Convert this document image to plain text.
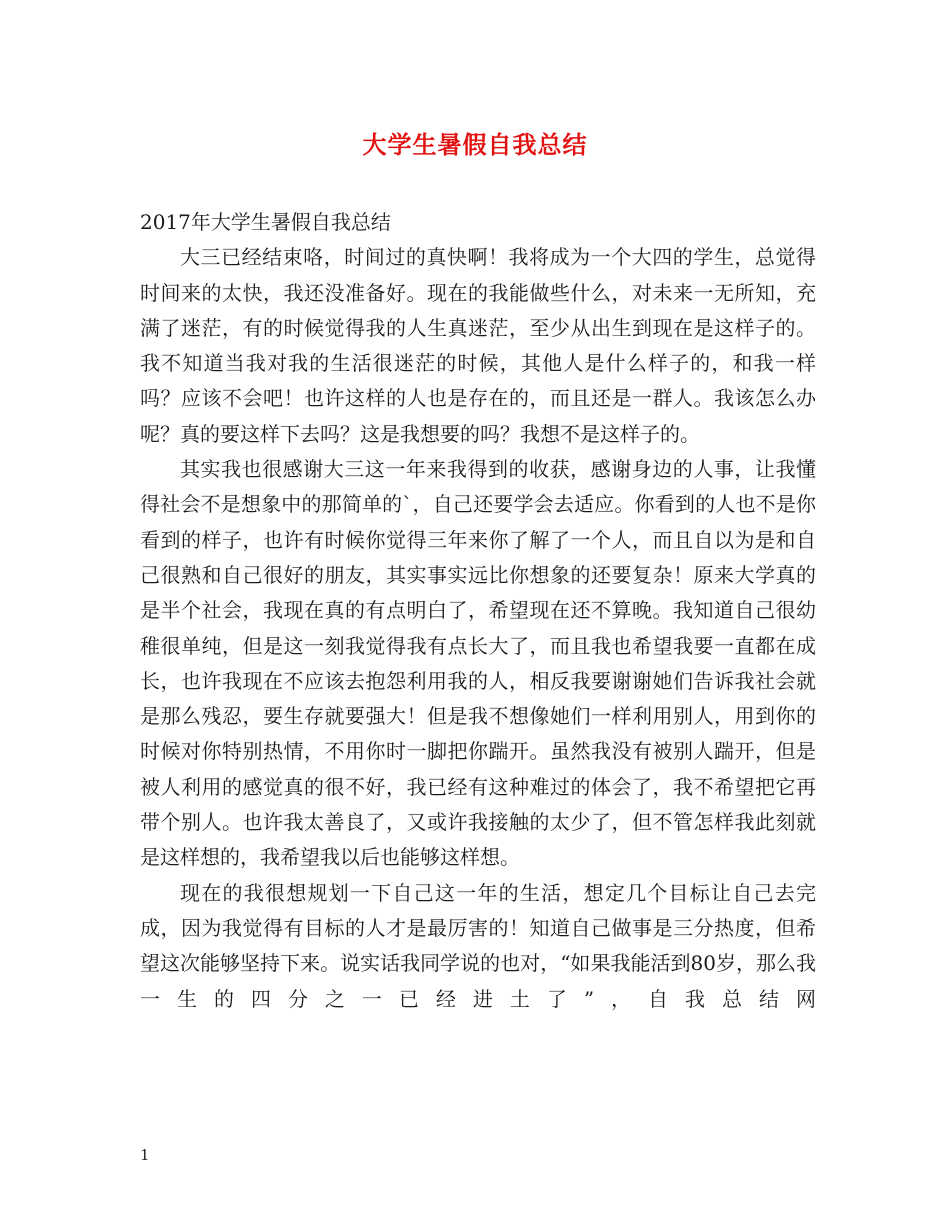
大学生暑假自我总结

2017年大学生暑假自我总结

大三已经结束咯，时间过的真快啊！我将成为一个大四的学生，总觉得时间来的太快，我还没准备好。现在的我能做些什么，对未来一无所知，充满了迷茫，有的时候觉得我的人生真迷茫，至少从出生到现在是这样子的。我不知道当我对我的生活很迷茫的时候，其他人是什么样子的，和我一样吗？应该不会吧！也许这样的人也是存在的，而且还是一群人。我该怎么办呢？真的要这样下去吗？这是我想要的吗？我想不是这样子的。

其实我也很感谢大三这一年来我得到的收获，感谢身边的人事，让我懂得社会不是想象中的那简单的`，自己还要学会去适应。你看到的人也不是你看到的样子，也许有时候你觉得三年来你了解了一个人，而且自以为是和自己很熟和自己很好的朋友，其实事实远比你想象的还要复杂！原来大学真的是半个社会，我现在真的有点明白了，希望现在还不算晚。我知道自己很幼稚很单纯，但是这一刻我觉得我有点长大了，而且我也希望我要一直都在成长，也许我现在不应该去抱怨利用我的人，相反我要谢谢她们告诉我社会就是那么残忍，要生存就要强大！但是我不想像她们一样利用别人，用到你的时候对你特别热情，不用你时一脚把你踹开。虽然我没有被别人踹开，但是被人利用的感觉真的很不好，我已经有这种难过的体会了，我不希望把它再带个别人。也许我太善良了，又或许我接触的太少了，但不管怎样我此刻就是这样想的，我希望我以后也能够这样想。

现在的我很想规划一下自己这一年的生活，想定几个目标让自己去完成，因为我觉得有目标的人才是最厉害的！知道自己做事是三分热度，但希望这次能够坚持下来。说实话我同学说的也对，“如果我能活到80岁，那么我一生的四分之一已经进土了”，自我总结网

1
